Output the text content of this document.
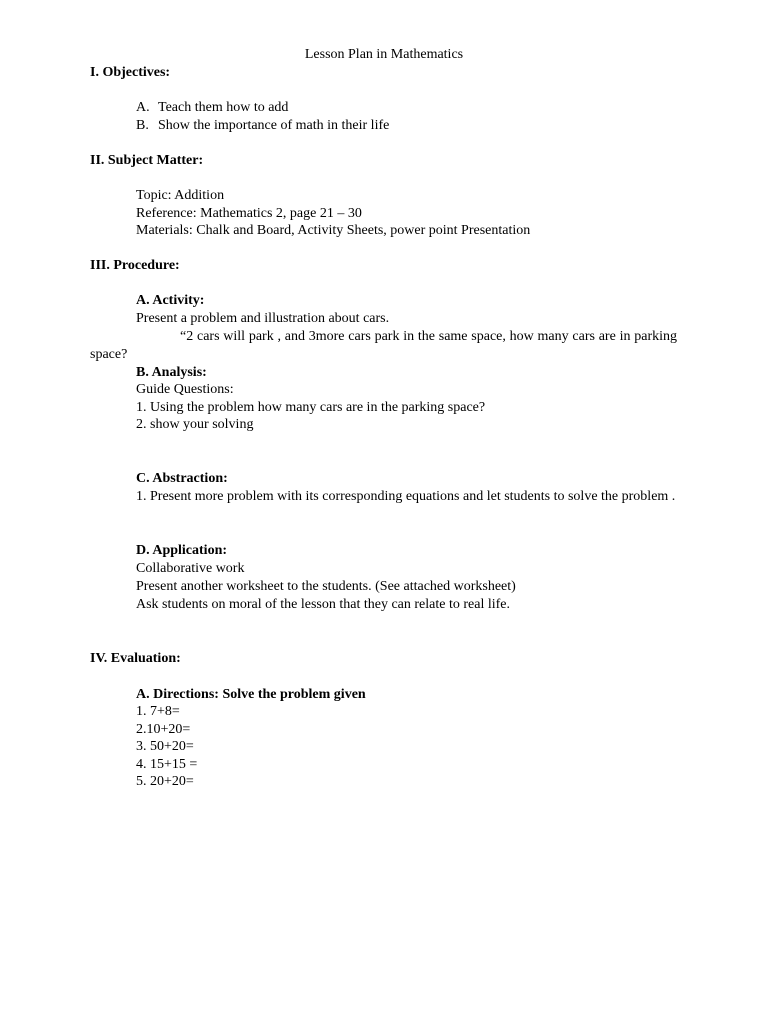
Lesson Plan in Mathematics
I. Objectives:
A. Teach them how to add
B. Show the importance of math in their life
II. Subject Matter:
Topic: Addition
Reference: Mathematics 2, page 21 – 30
Materials: Chalk and Board, Activity Sheets, power point Presentation
III. Procedure:
A. Activity:
Present a problem and illustration about cars.
“2 cars will park , and 3more cars park in the same space, how many cars are in parking
space?
B. Analysis:
Guide Questions:
1. Using the problem how many cars are in the parking space?
2. show your solving
C. Abstraction:
1. Present more problem with its corresponding equations and let students to solve the problem .
D. Application:
Collaborative work
Present another worksheet to the students. (See attached worksheet)
Ask students on moral of the lesson that they can relate to real life.
IV. Evaluation:
A. Directions: Solve the problem given
1. 7+8=
2.10+20=
3. 50+20=
4. 15+15 =
5. 20+20=
